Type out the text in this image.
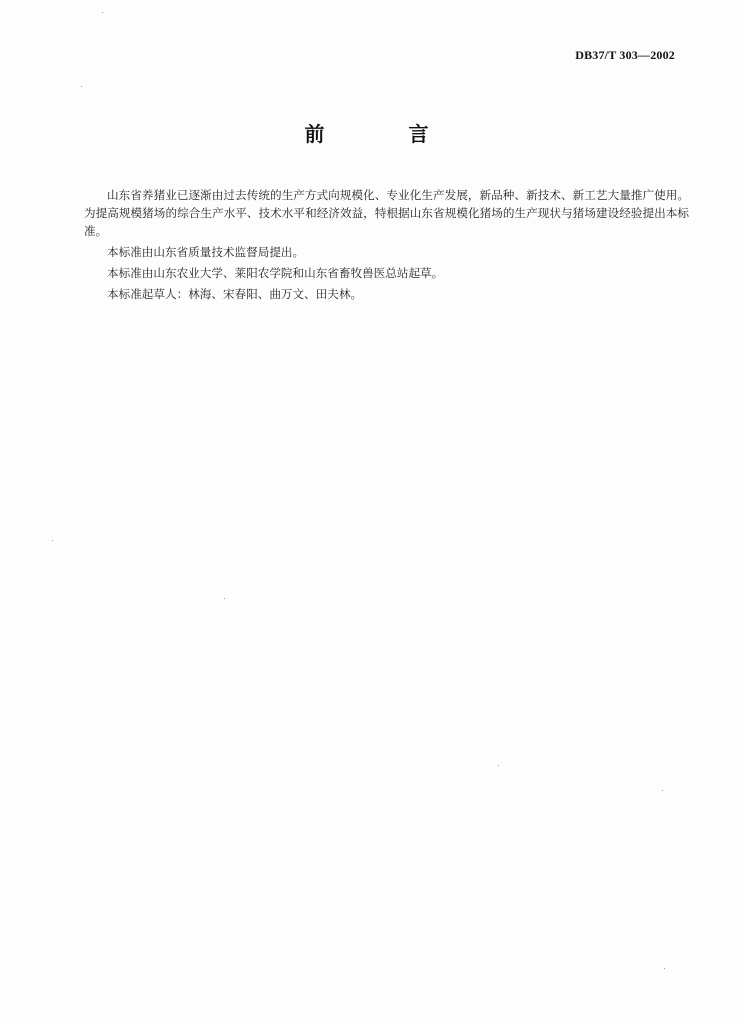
DB37/T 303—2002
前　言

山东省养猪业已逐渐由过去传统的生产方式向规模化、专业化生产发展，新品种、新技术、新工艺大量推广使用。为提高规模猪场的综合生产水平、技术水平和经济效益，特根据山东省规模化猪场的生产现状与猪场建设经验提出本标准。

本标准由山东省质量技术监督局提出。

本标准由山东农业大学、莱阳农学院和山东省畜牧兽医总站起草。

本标准起草人：林海、宋春阳、曲万文、田夫林。
